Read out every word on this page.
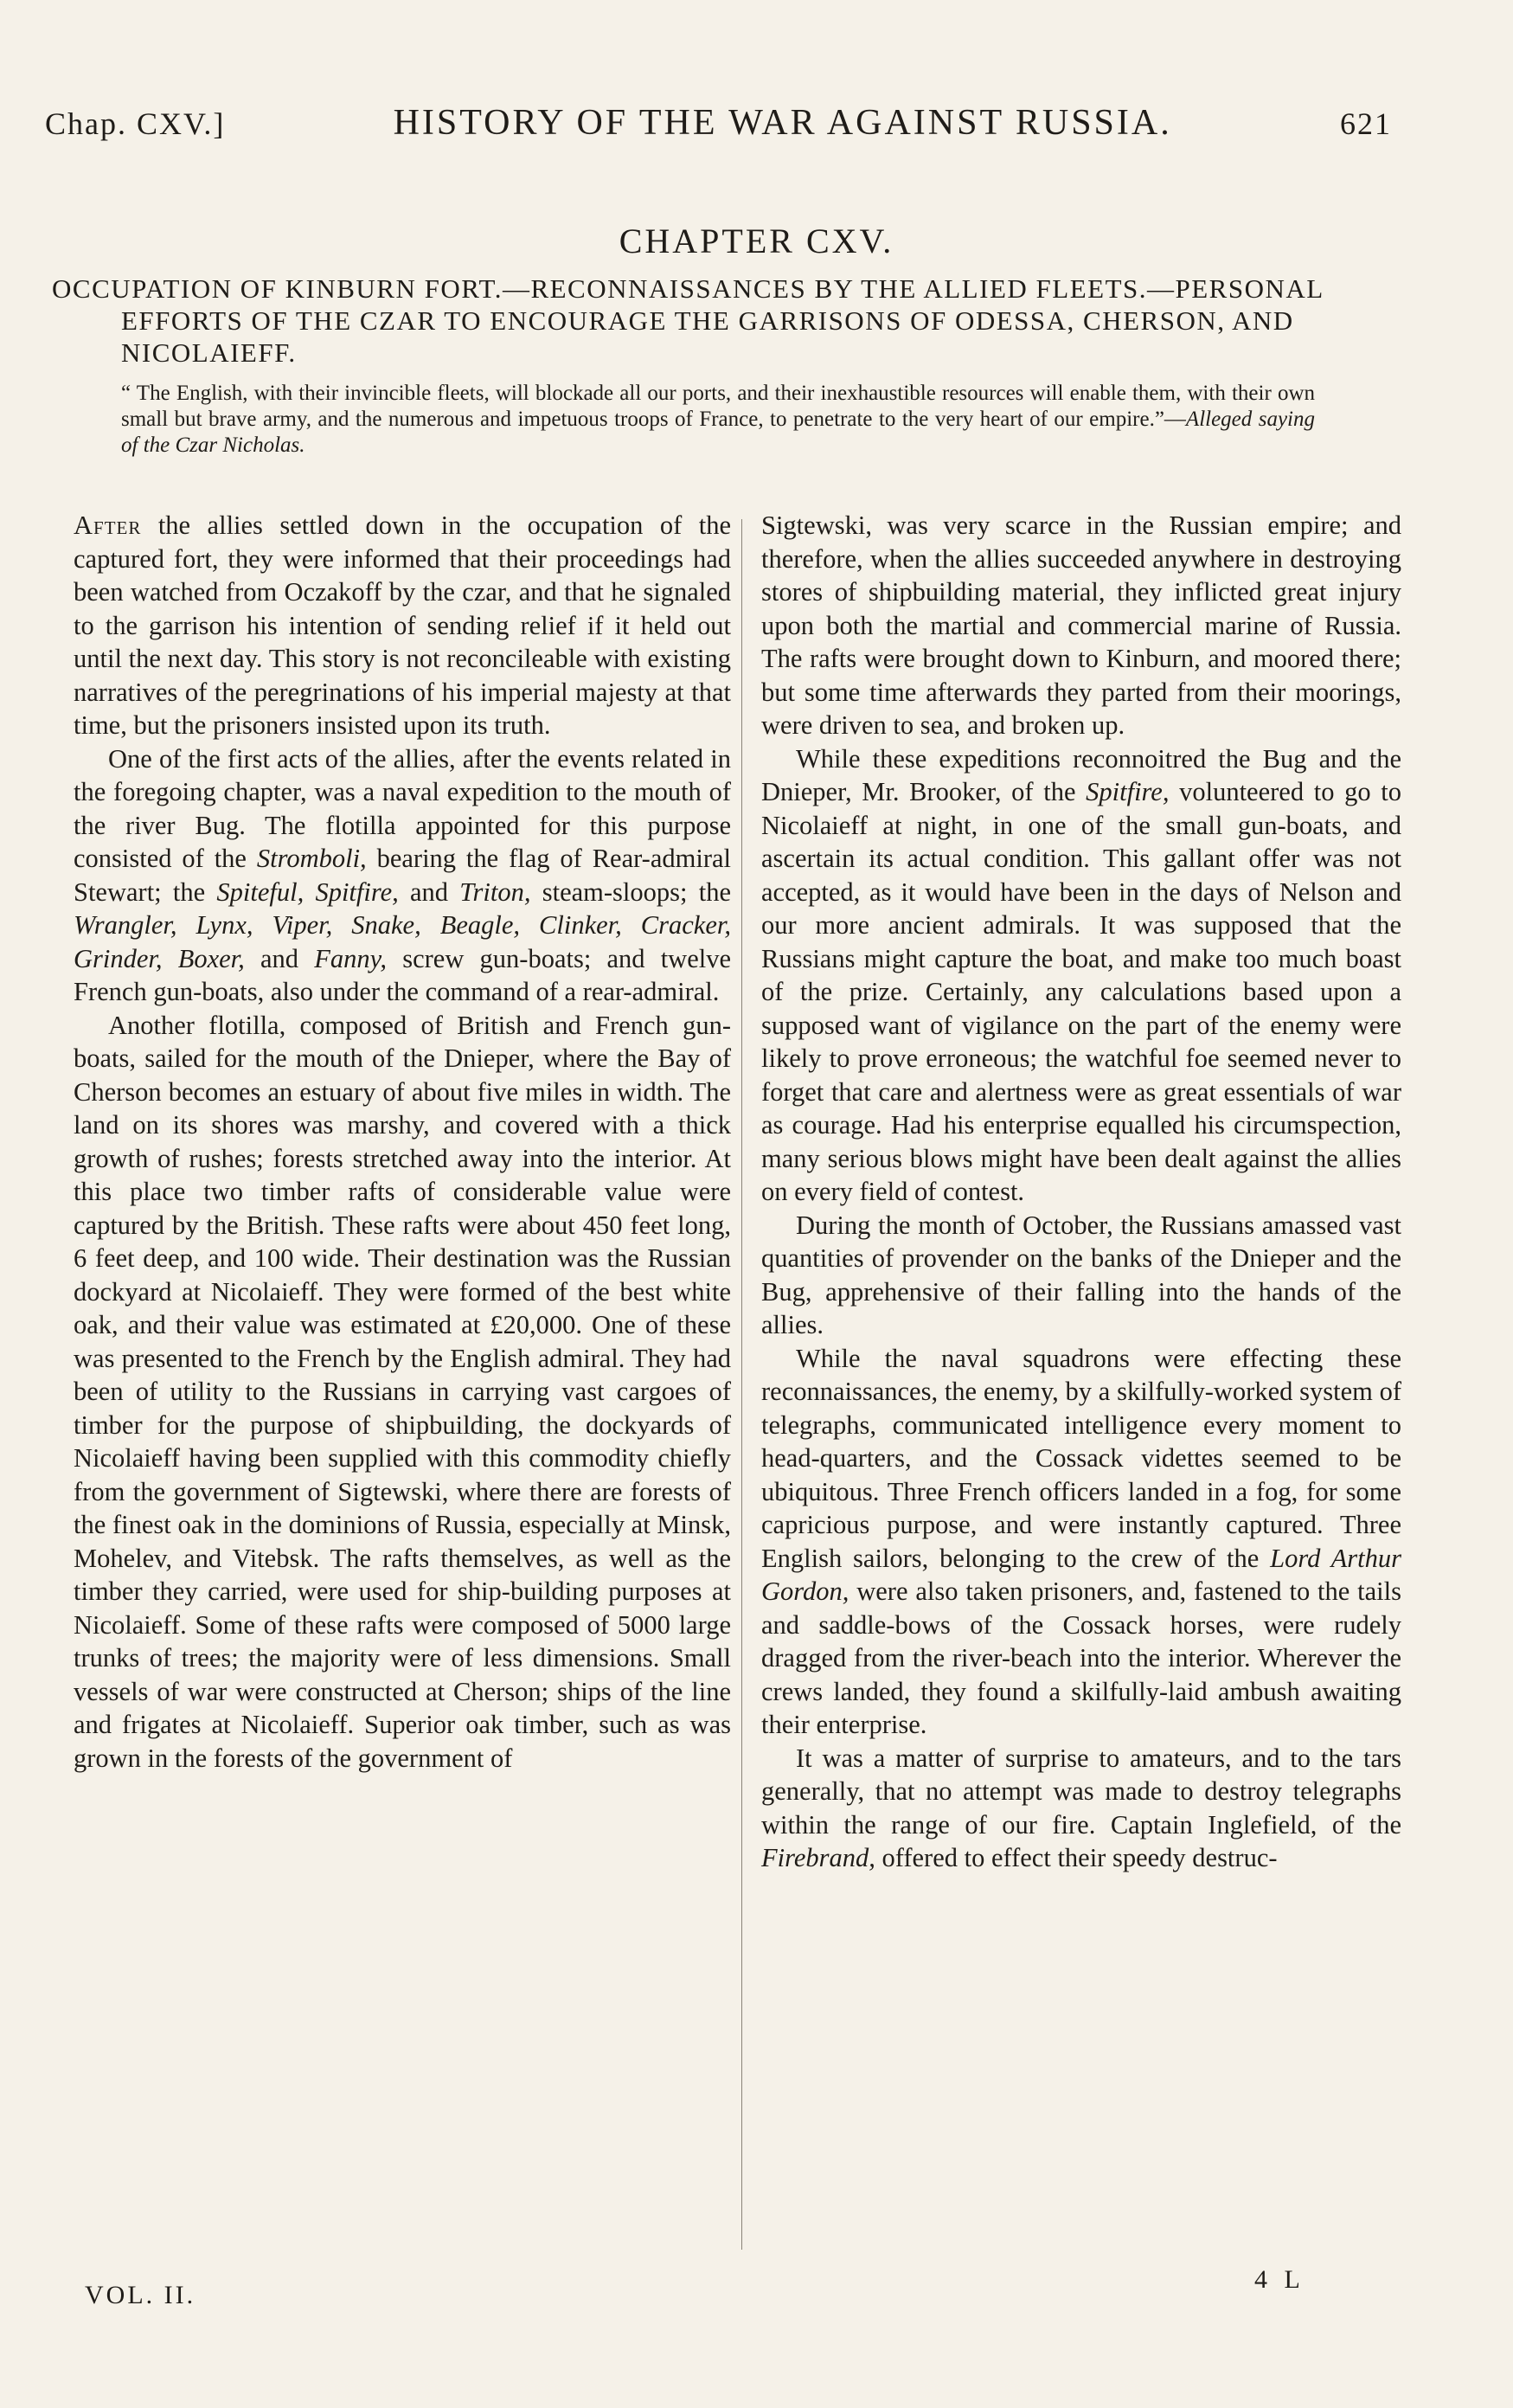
Chap. CXV.]	HISTORY OF THE WAR AGAINST RUSSIA.	621
CHAPTER CXV.
OCCUPATION OF KINBURN FORT.—RECONNAISSANCES BY THE ALLIED FLEETS.—PERSONAL
EFFORTS OF THE CZAR TO ENCOURAGE THE GARRISONS OF ODESSA, CHERSON, AND
NICOLAIEFF.
“ The English, with their invincible fleets, will blockade all our ports, and their inexhaustible resources will enable them, with their own small but brave army, and the numerous and impetuous troops of France, to penetrate to the very heart of our empire.”—Alleged saying of the Czar Nicholas.

After the allies settled down in the occupation of the captured fort, they were informed that their proceedings had been watched from Oczakoff by the czar, and that he signaled to the garrison his intention of sending relief if it held out until the next day. This story is not reconcileable with existing narratives of the peregrinations of his imperial majesty at that time, but the prisoners insisted upon its truth.

One of the first acts of the allies, after the events related in the foregoing chapter, was a naval expedition to the mouth of the river Bug. The flotilla appointed for this purpose consisted of the Stromboli, bearing the flag of Rear-admiral Stewart; the Spiteful, Spitfire, and Triton, steam-sloops; the Wrangler, Lynx, Viper, Snake, Beagle, Clinker, Cracker, Grinder, Boxer, and Fanny, screw gun-boats; and twelve French gun-boats, also under the command of a rear-admiral.

Another flotilla, composed of British and French gun-boats, sailed for the mouth of the Dnieper, where the Bay of Cherson becomes an estuary of about five miles in width. The land on its shores was marshy, and covered with a thick growth of rushes; forests stretched away into the interior. At this place two timber rafts of considerable value were captured by the British. These rafts were about 450 feet long, 6 feet deep, and 100 wide. Their destination was the Russian dockyard at Nicolaieff. They were formed of the best white oak, and their value was estimated at £20,000. One of these was presented to the French by the English admiral. They had been of utility to the Russians in carrying vast cargoes of timber for the purpose of shipbuilding, the dockyards of Nicolaieff having been supplied with this commodity chiefly from the government of Sigtewski, where there are forests of the finest oak in the dominions of Russia, especially at Minsk, Mohelev, and Vitebsk. The rafts themselves, as well as the timber they carried, were used for ship-building purposes at Nicolaieff. Some of these rafts were composed of 5000 large trunks of trees; the majority were of less dimensions. Small vessels of war were constructed at Cherson; ships of the line and frigates at Nicolaieff. Superior oak timber, such as was grown in the forests of the government of

Sigtewski, was very scarce in the Russian empire; and therefore, when the allies succeeded anywhere in destroying stores of shipbuilding material, they inflicted great injury upon both the martial and commercial marine of Russia. The rafts were brought down to Kinburn, and moored there; but some time afterwards they parted from their moorings, were driven to sea, and broken up.

While these expeditions reconnoitred the Bug and the Dnieper, Mr. Brooker, of the Spitfire, volunteered to go to Nicolaieff at night, in one of the small gun-boats, and ascertain its actual condition. This gallant offer was not accepted, as it would have been in the days of Nelson and our more ancient admirals. It was supposed that the Russians might capture the boat, and make too much boast of the prize. Certainly, any calculations based upon a supposed want of vigilance on the part of the enemy were likely to prove erroneous; the watchful foe seemed never to forget that care and alertness were as great essentials of war as courage. Had his enterprise equalled his circumspection, many serious blows might have been dealt against the allies on every field of contest.

During the month of October, the Russians amassed vast quantities of provender on the banks of the Dnieper and the Bug, apprehensive of their falling into the hands of the allies.

While the naval squadrons were effecting these reconnaissances, the enemy, by a skilfully-worked system of telegraphs, communicated intelligence every moment to head-quarters, and the Cossack videttes seemed to be ubiquitous. Three French officers landed in a fog, for some capricious purpose, and were instantly captured. Three English sailors, belonging to the crew of the Lord Arthur Gordon, were also taken prisoners, and, fastened to the tails and saddle-bows of the Cossack horses, were rudely dragged from the river-beach into the interior. Wherever the crews landed, they found a skilfully-laid ambush awaiting their enterprise.

It was a matter of surprise to amateurs, and to the tars generally, that no attempt was made to destroy telegraphs within the range of our fire. Captain Inglefield, of the Firebrand, offered to effect their speedy destruc-

VOL. II.
4 L
